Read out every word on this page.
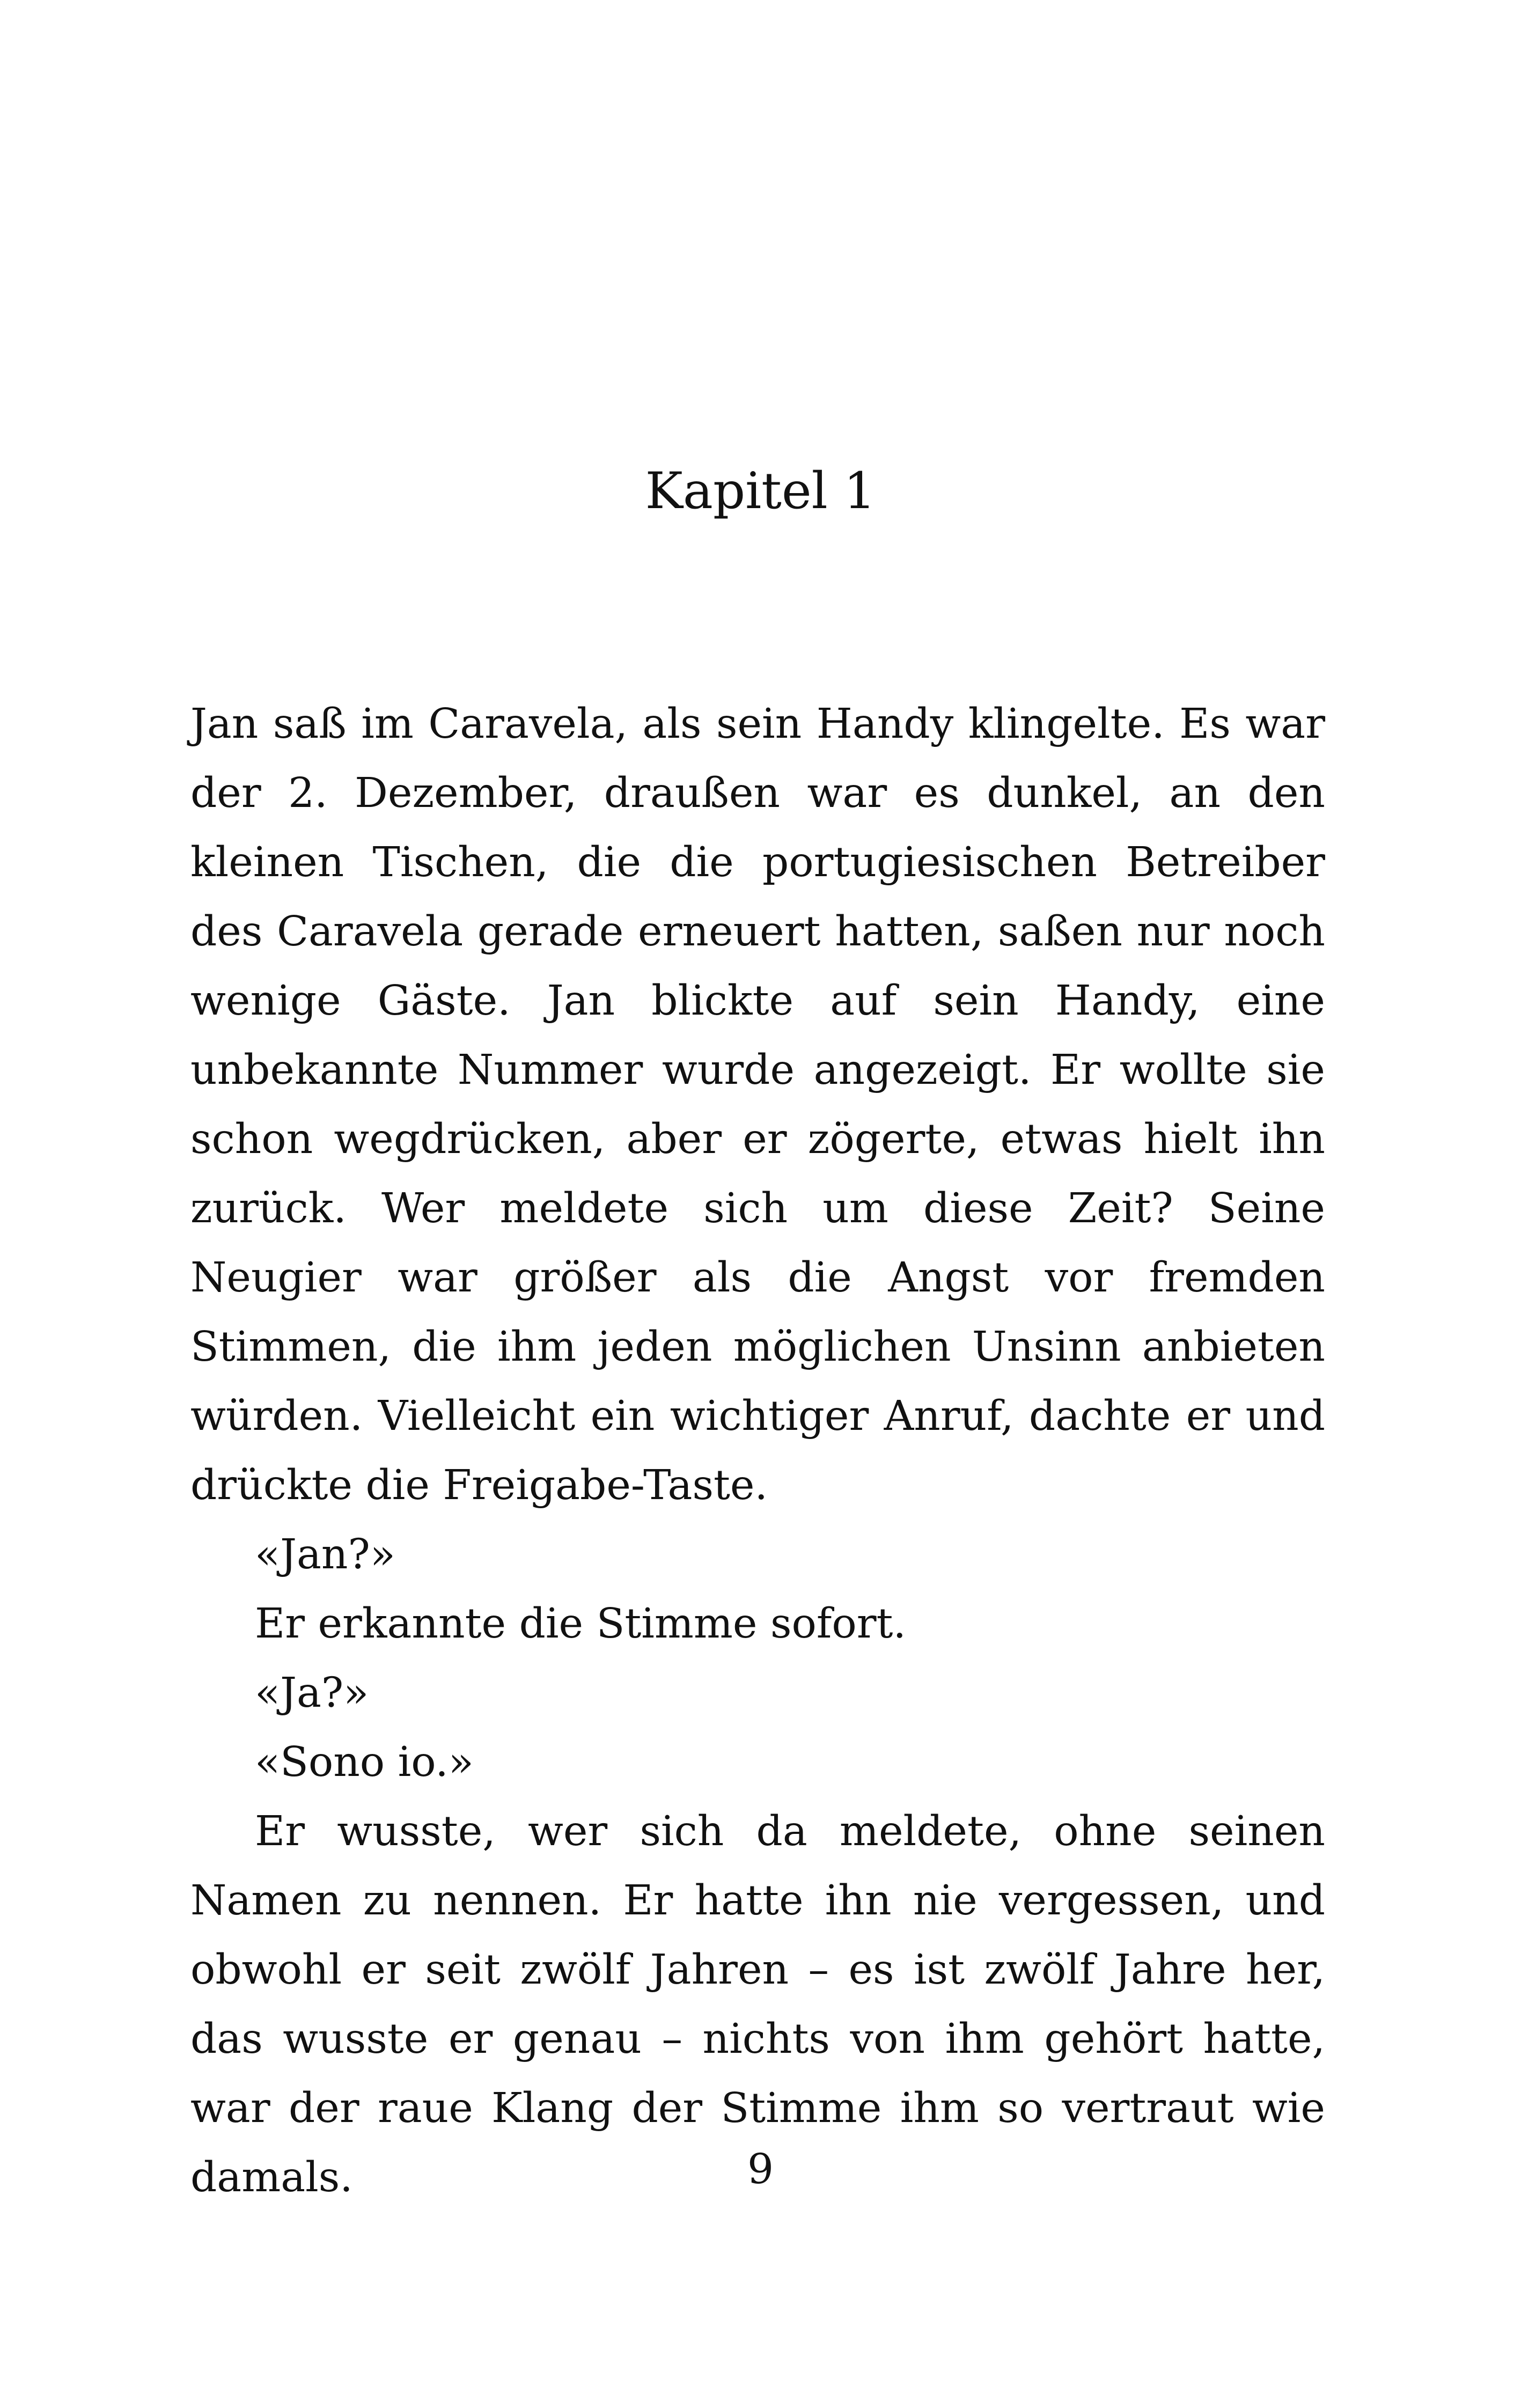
Kapitel 1

Jan saß im Caravela, als sein Handy klingelte. Es war der 2. Dezember, draußen war es dunkel, an den kleinen Tischen, die die portugiesischen Betreiber des Caravela gerade erneuert hatten, saßen nur noch wenige Gäste. Jan blickte auf sein Handy, eine unbekannte Nummer wurde angezeigt. Er wollte sie schon wegdrücken, aber er zögerte, etwas hielt ihn zurück. Wer meldete sich um diese Zeit? Seine Neugier war größer als die Angst vor fremden Stimmen, die ihm jeden möglichen Unsinn anbieten würden. Vielleicht ein wichtiger Anruf, dachte er und drückte die Freigabe-Taste.

«Jan?»

Er erkannte die Stimme sofort.

«Ja?»

«Sono io.»

Er wusste, wer sich da meldete, ohne seinen Namen zu nennen. Er hatte ihn nie vergessen, und obwohl er seit zwölf Jahren – es ist zwölf Jahre her, das wusste er genau – nichts von ihm gehört hatte, war der raue Klang der Stimme ihm so vertraut wie damals.	9
